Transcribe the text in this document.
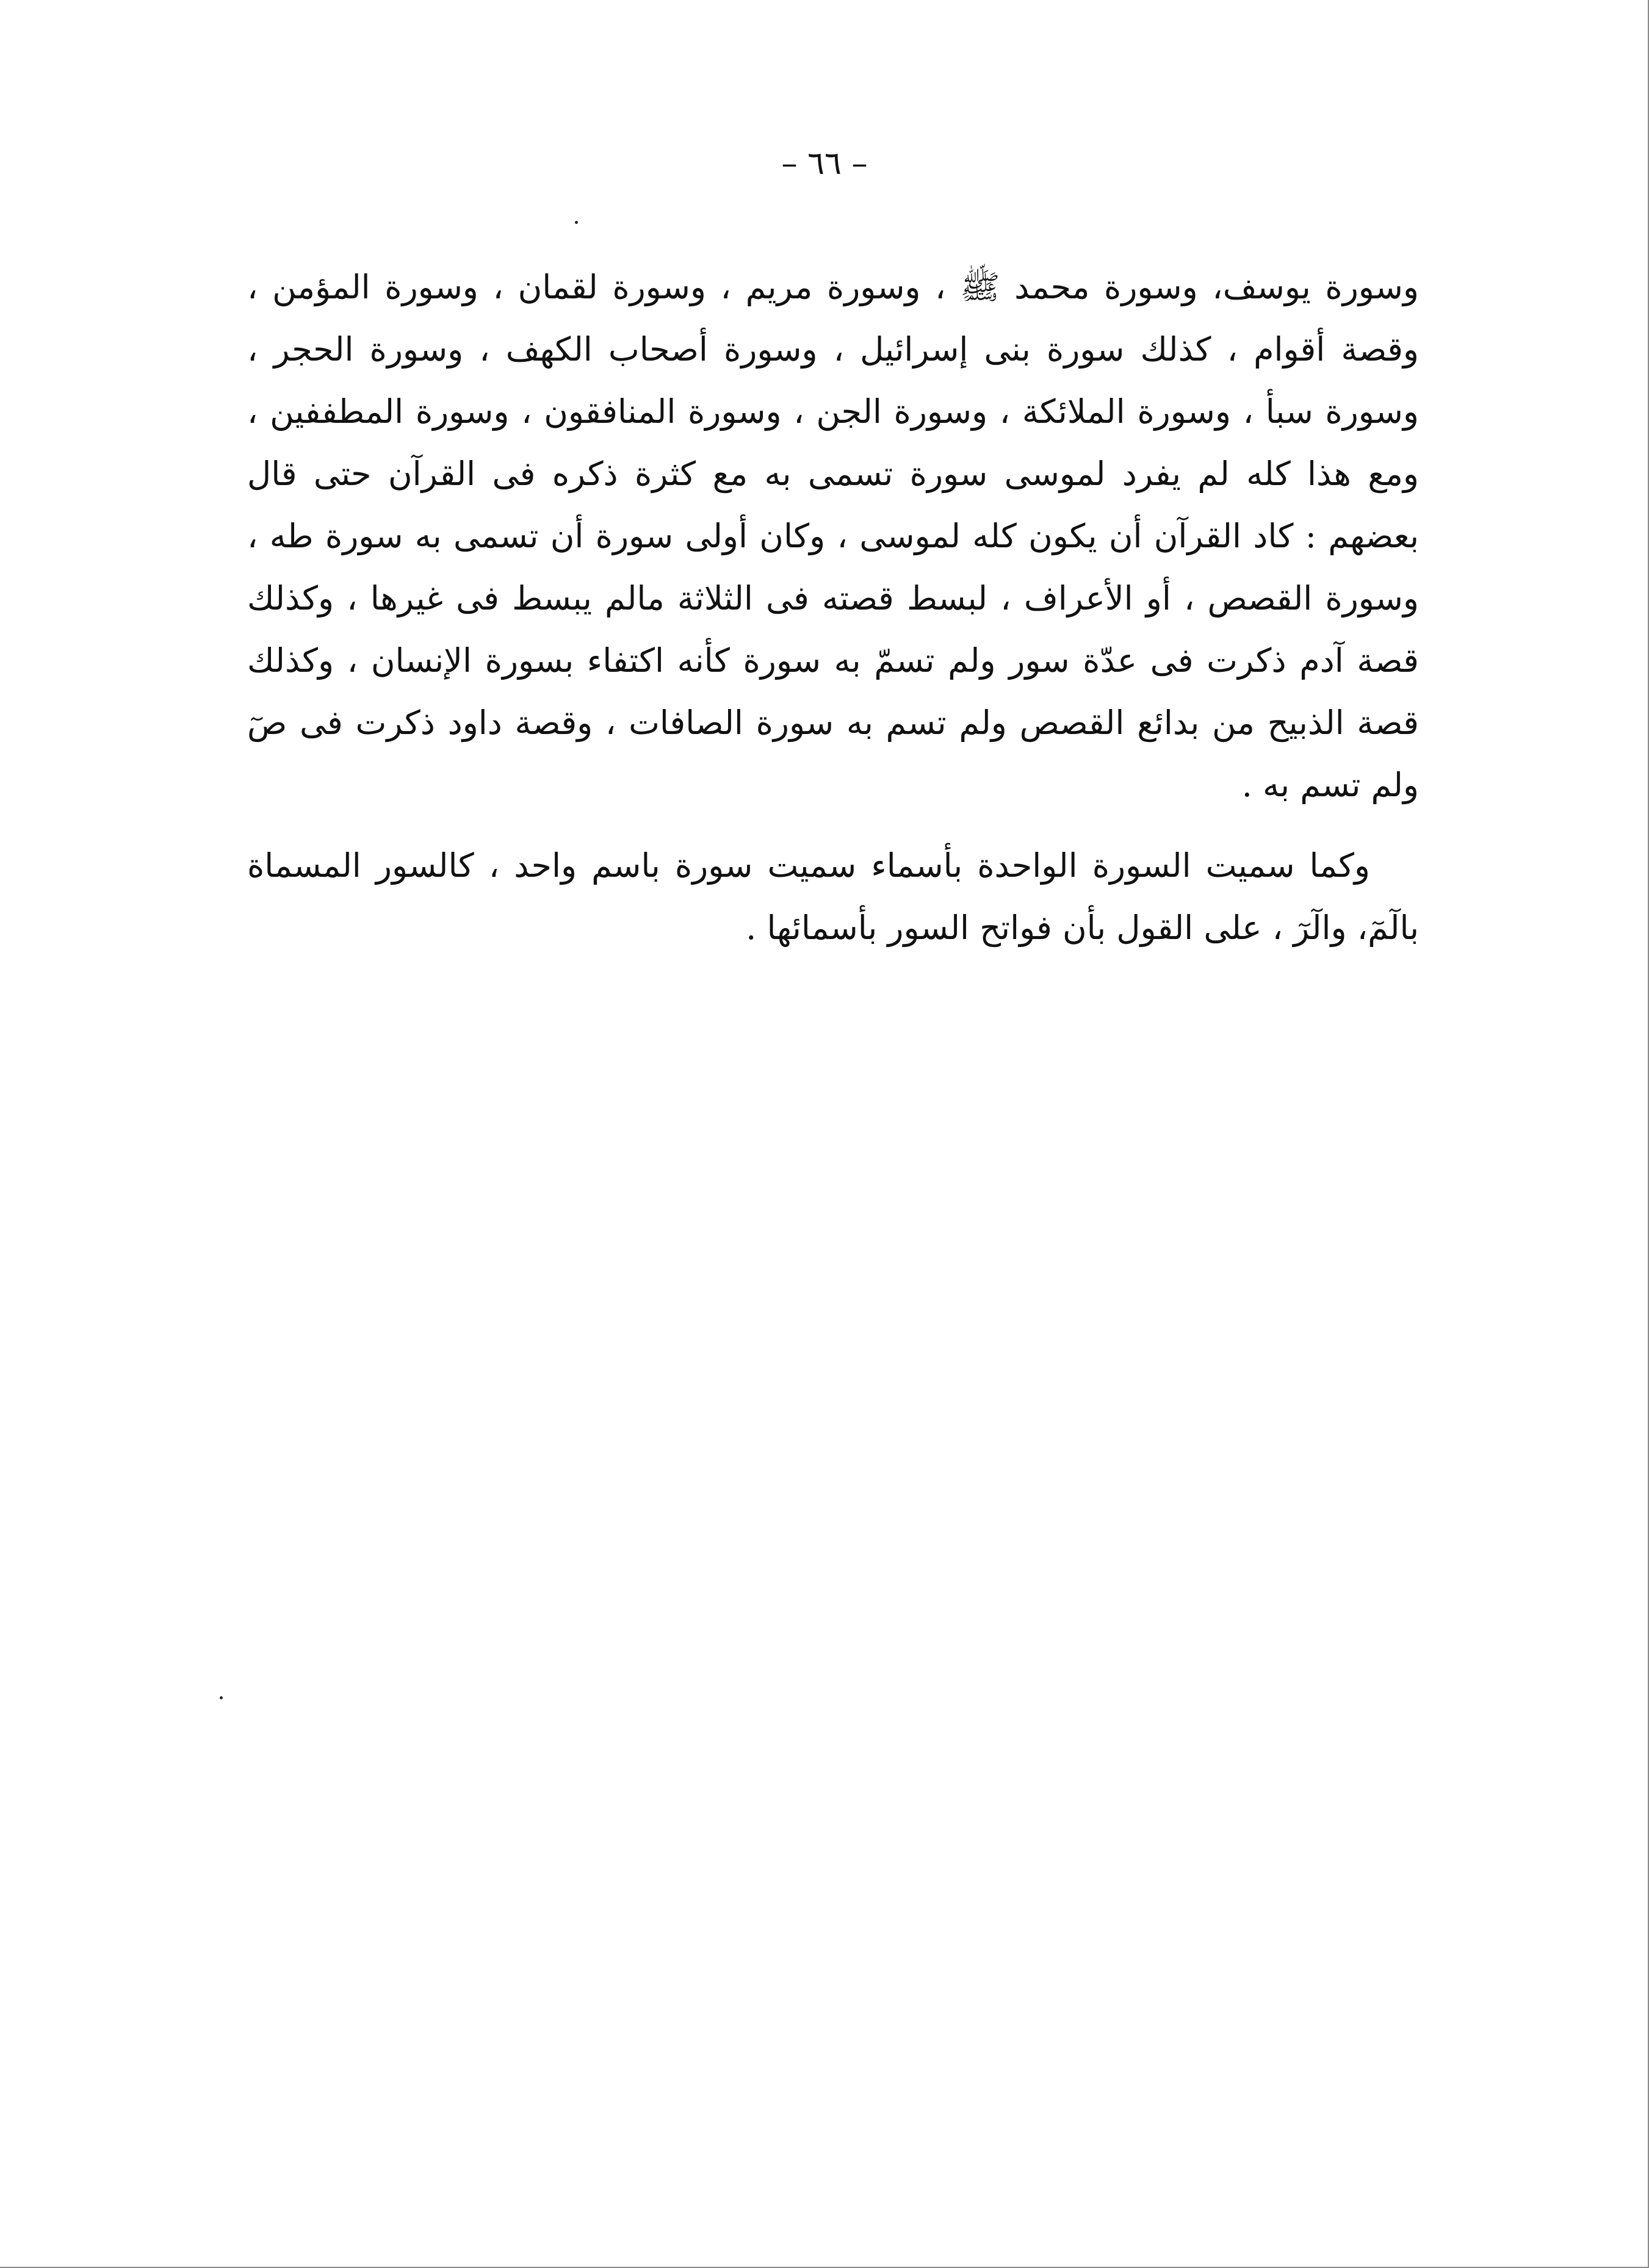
– ٦٦ –

وسورة يوسف، وسورة محمد ﷺ ، وسورة مريم ، وسورة لقمان ، وسورة المؤمن ، وقصة أقوام ، كذلك سورة بنى إسرائيل ، وسورة أصحاب الكهف ، وسورة الحجر ، وسورة سبأ ، وسورة الملائكة ، وسورة الجن ، وسورة المنافقون ، وسورة المطففين ، ومع هذا كله لم يفرد لموسى سورة تسمى به مع كثرة ذكره فى القرآن حتى قال بعضهم : كاد القرآن أن يكون كله لموسى ، وكان أولى سورة أن تسمى به سورة طه ، وسورة القصص ، أو الأعراف ، لبسط قصته فى الثلاثة مالم يبسط فى غيرها ، وكذلك قصة آدم ذكرت فى عدّة سور ولم تسمّ به سورة كأنه اكتفاء بسورة الإنسان ، وكذلك قصة الذبيح من بدائع القصص ولم تسم به سورة الصافات ، وقصة داود ذكرت فى صٓ ولم تسم به .

وكما سميت السورة الواحدة بأسماء سميت سورة باسم واحد ، كالسور المسماة بالٓمٓ، والٓرٓ ، على القول بأن فواتح السور بأسمائها .
